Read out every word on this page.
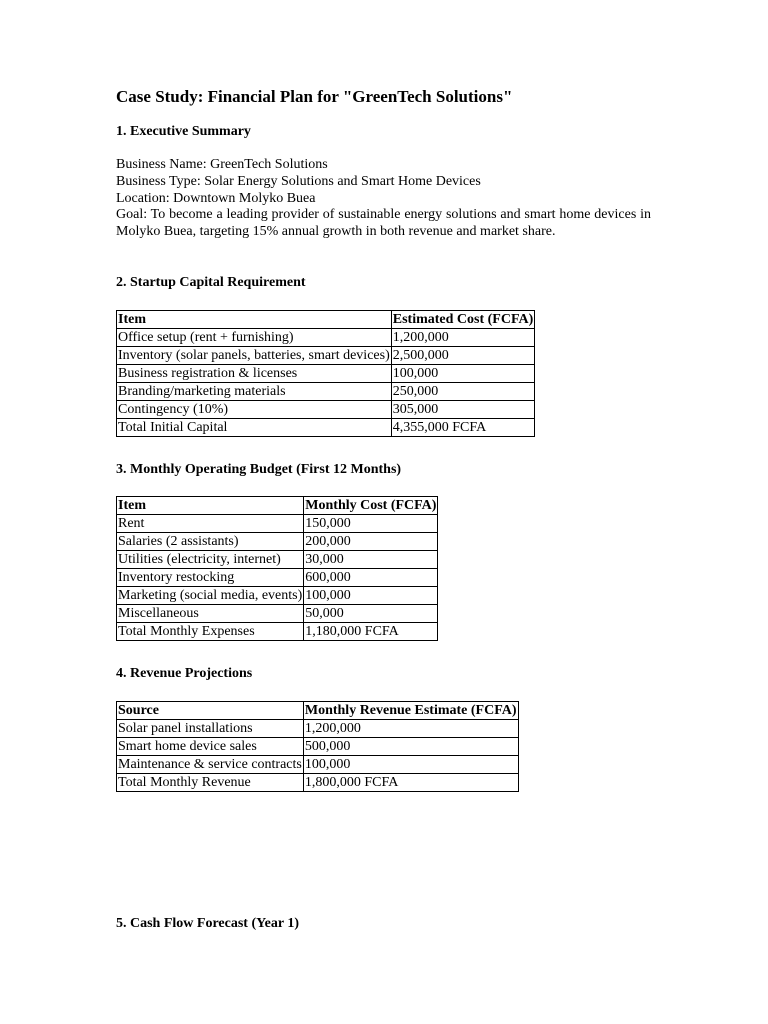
Case Study: Financial Plan for "GreenTech Solutions"
1. Executive Summary
Business Name: GreenTech Solutions
Business Type: Solar Energy Solutions and Smart Home Devices
Location: Downtown Molyko Buea
Goal: To become a leading provider of sustainable energy solutions and smart home devices in Molyko Buea, targeting 15% annual growth in both revenue and market share.
2. Startup Capital Requirement
Item	Estimated Cost (FCFA)
Office setup (rent + furnishing)	1,200,000
Inventory (solar panels, batteries, smart devices)	2,500,000
Business registration & licenses	100,000
Branding/marketing materials	250,000
Contingency (10%)	305,000
Total Initial Capital	4,355,000 FCFA
3. Monthly Operating Budget (First 12 Months)
Item	Monthly Cost (FCFA)
Rent	150,000
Salaries (2 assistants)	200,000
Utilities (electricity, internet)	30,000
Inventory restocking	600,000
Marketing (social media, events)	100,000
Miscellaneous	50,000
Total Monthly Expenses	1,180,000 FCFA
4. Revenue Projections
Source	Monthly Revenue Estimate (FCFA)
Solar panel installations	1,200,000
Smart home device sales	500,000
Maintenance & service contracts	100,000
Total Monthly Revenue	1,800,000 FCFA
5. Cash Flow Forecast (Year 1)
